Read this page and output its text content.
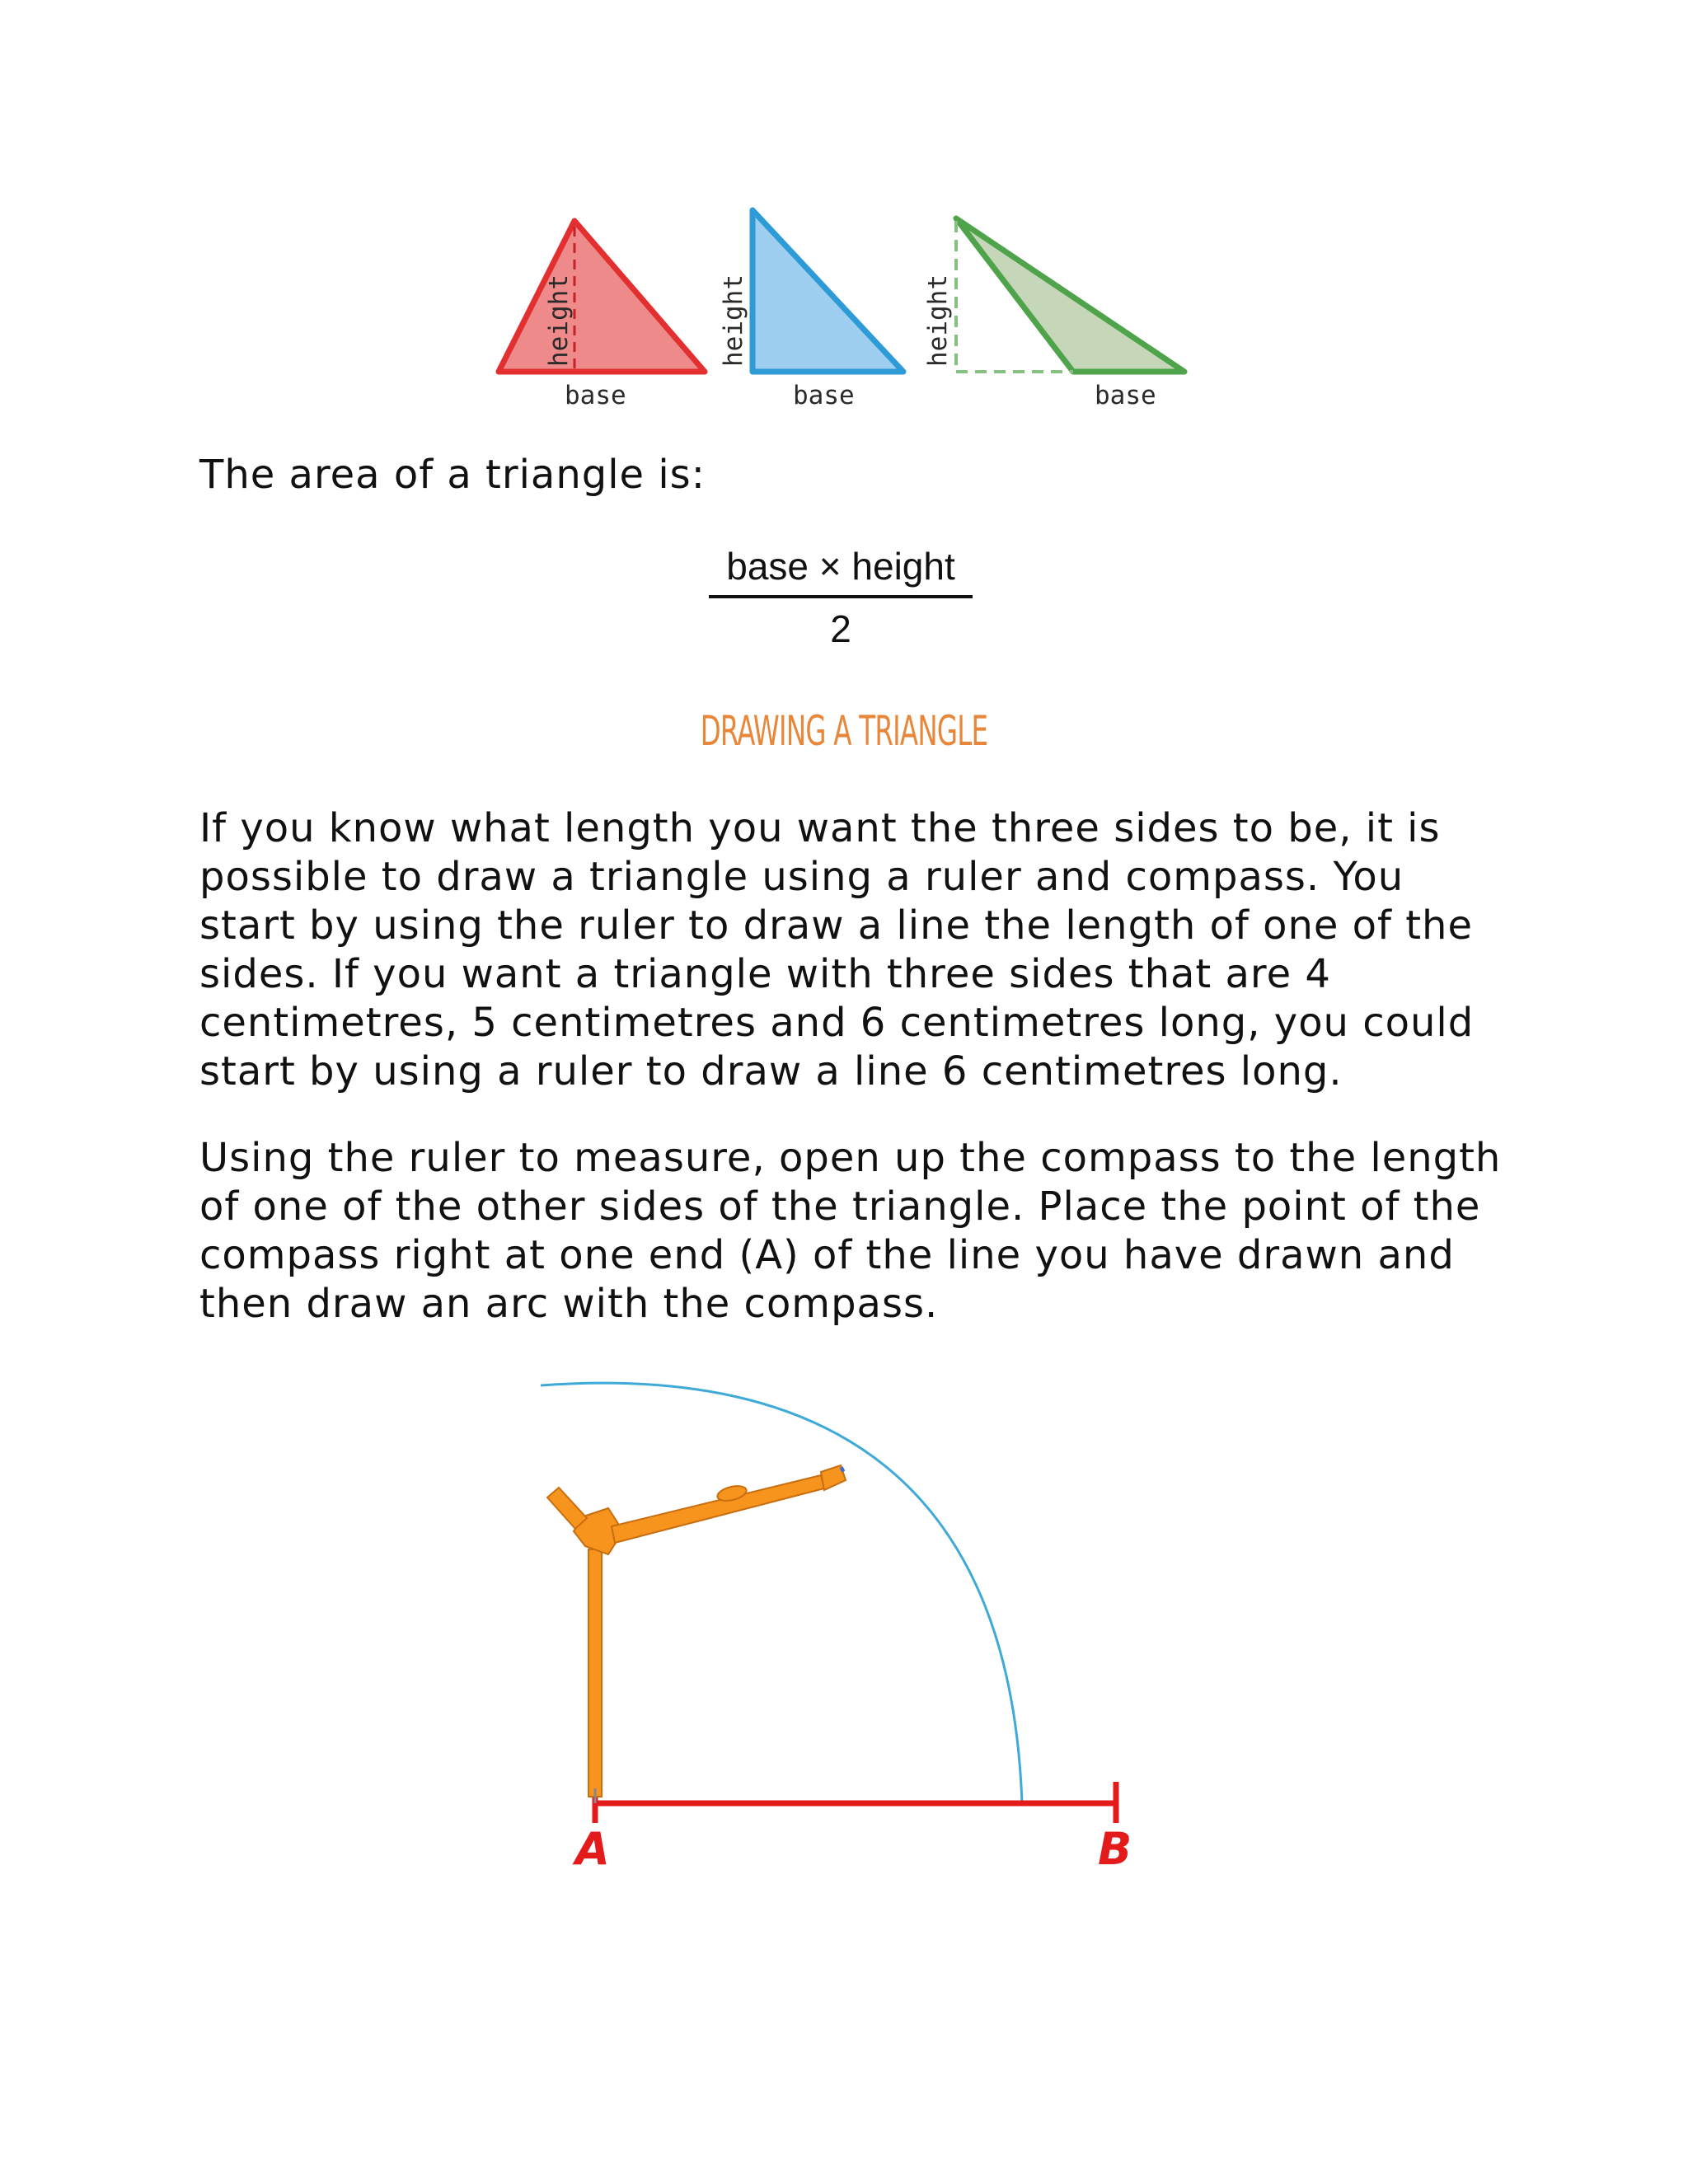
height
base
height
base
height
base
The area of a triangle is:
base × height
2
DRAWING A TRIANGLE
If you know what length you want the three sides to be, it is possible to draw a triangle using a ruler and compass. You start by using the ruler to draw a line the length of one of the sides. If you want a triangle with three sides that are 4 centimetres, 5 centimetres and 6 centimetres long, you could start by using a ruler to draw a line 6 centimetres long.
Using the ruler to measure, open up the compass to the length of one of the other sides of the triangle. Place the point of the compass right at one end (A) of the line you have drawn and then draw an arc with the compass.
A	B
